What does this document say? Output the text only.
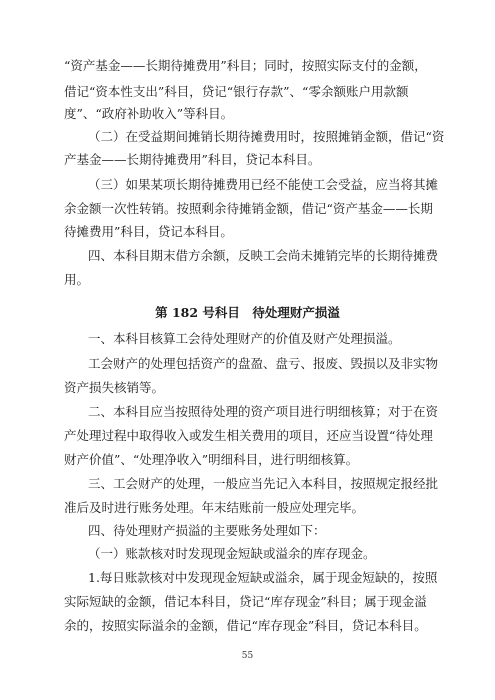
“资产基金——长期待摊费用”科目；同时，按照实际支付的金额，
借记“资本性支出”科目，贷记“银行存款”、“零余额账户用款额
度”、“政府补助收入”等科目。
（二）在受益期间摊销长期待摊费用时，按照摊销金额，借记“资
产基金——长期待摊费用”科目，贷记本科目。
（三）如果某项长期待摊费用已经不能使工会受益，应当将其摊
余金额一次性转销。按照剩余待摊销金额，借记“资产基金——长期
待摊费用”科目，贷记本科目。
四、本科目期末借方余额，反映工会尚未摊销完毕的长期待摊费
用。
第 182 号科目　待处理财产损溢
一、本科目核算工会待处理财产的价值及财产处理损溢。
工会财产的处理包括资产的盘盈、盘亏、报废、毁损以及非实物
资产损失核销等。
二、本科目应当按照待处理的资产项目进行明细核算；对于在资
产处理过程中取得收入或发生相关费用的项目，还应当设置“待处理
财产价值”、“处理净收入”明细科目，进行明细核算。
三、工会财产的处理，一般应当先记入本科目，按照规定报经批
准后及时进行账务处理。年末结账前一般应处理完毕。
四、待处理财产损溢的主要账务处理如下：
（一）账款核对时发现现金短缺或溢余的库存现金。
1.每日账款核对中发现现金短缺或溢余，属于现金短缺的，按照
实际短缺的金额，借记本科目，贷记“库存现金”科目；属于现金溢
余的，按照实际溢余的金额，借记“库存现金”科目，贷记本科目。
55
